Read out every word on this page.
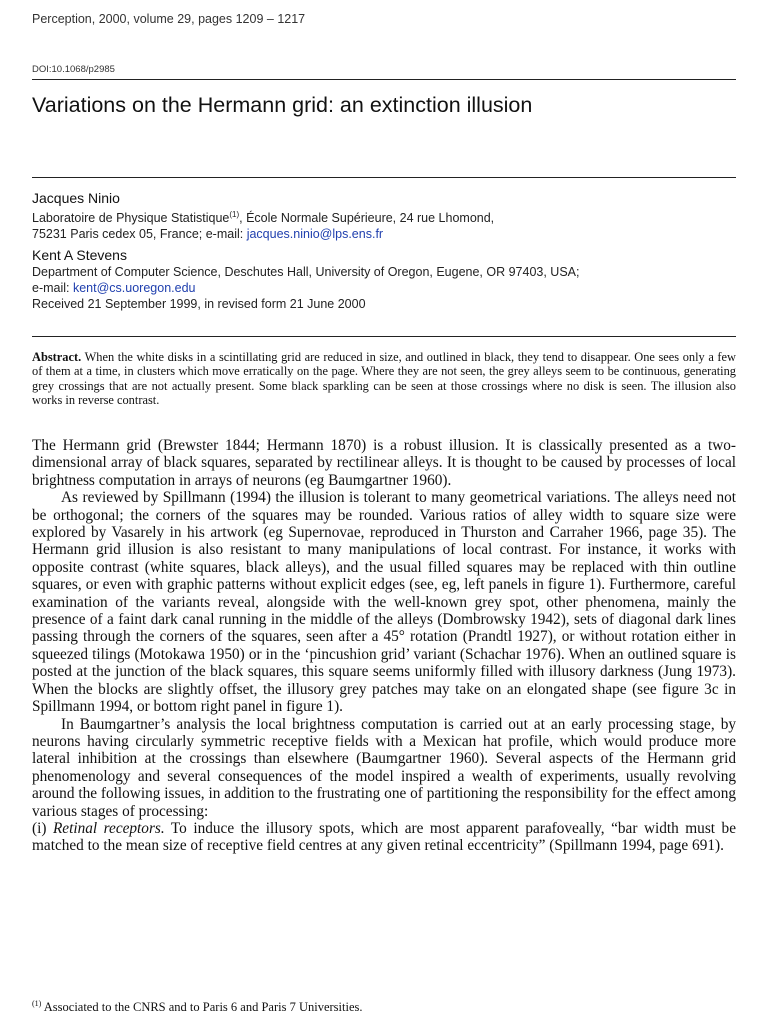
Perception, 2000, volume 29, pages 1209 – 1217
DOI:10.1068/p2985
Variations on the Hermann grid: an extinction illusion
Jacques Ninio
Laboratoire de Physique Statistique$^{(1)}$, École Normale Supérieure, 24 rue Lhomond,
75231 Paris cedex 05, France; e-mail: jacques.ninio@lps.ens.fr
Kent A Stevens
Department of Computer Science, Deschutes Hall, University of Oregon, Eugene, OR 97403, USA;
e-mail: kent@cs.uoregon.edu
Received 21 September 1999, in revised form 21 June 2000
Abstract. When the white disks in a scintillating grid are reduced in size, and outlined in black, they tend to disappear. One sees only a few of them at a time, in clusters which move erratically on the page. Where they are not seen, the grey alleys seem to be continuous, generating grey crossings that are not actually present. Some black sparkling can be seen at those crossings where no disk is seen. The illusion also works in reverse contrast.

The Hermann grid (Brewster 1844; Hermann 1870) is a robust illusion. It is classically presented as a two-dimensional array of black squares, separated by rectilinear alleys. It is thought to be caused by processes of local brightness computation in arrays of neurons (eg Baumgartner 1960).

As reviewed by Spillmann (1994) the illusion is tolerant to many geometrical variations. The alleys need not be orthogonal; the corners of the squares may be rounded. Various ratios of alley width to square size were explored by Vasarely in his artwork (eg Supernovae, reproduced in Thurston and Carraher 1966, page 35). The Hermann grid illusion is also resistant to many manipulations of local contrast. For instance, it works with opposite contrast (white squares, black alleys), and the usual filled squares may be replaced with thin outline squares, or even with graphic patterns without explicit edges (see, eg, left panels in figure 1). Furthermore, careful examination of the variants reveal, alongside with the well-known grey spot, other phenomena, mainly the presence of a faint dark canal running in the middle of the alleys (Dombrowsky 1942), sets of diagonal dark lines passing through the corners of the squares, seen after a 45° rotation (Prandtl 1927), or without rotation either in squeezed tilings (Motokawa 1950) or in the ‘pincushion grid’ variant (Schachar 1976). When an outlined square is posted at the junction of the black squares, this square seems uniformly filled with illusory darkness (Jung 1973). When the blocks are slightly offset, the illusory grey patches may take on an elongated shape (see figure 3c in Spillmann 1994, or bottom right panel in figure 1).

In Baumgartner’s analysis the local brightness computation is carried out at an early processing stage, by neurons having circularly symmetric receptive fields with a Mexican hat profile, which would produce more lateral inhibition at the crossings than elsewhere (Baumgartner 1960). Several aspects of the Hermann grid phenomenology and several consequences of the model inspired a wealth of experiments, usually revolving around the following issues, in addition to the frustrating one of partitioning the responsibility for the effect among various stages of processing:

(i) Retinal receptors. To induce the illusory spots, which are most apparent parafoveally, “bar width must be matched to the mean size of receptive field centres at any given retinal eccentricity” (Spillmann 1994, page 691).

$^{(1)}$ Associated to the CNRS and to Paris 6 and Paris 7 Universities.
